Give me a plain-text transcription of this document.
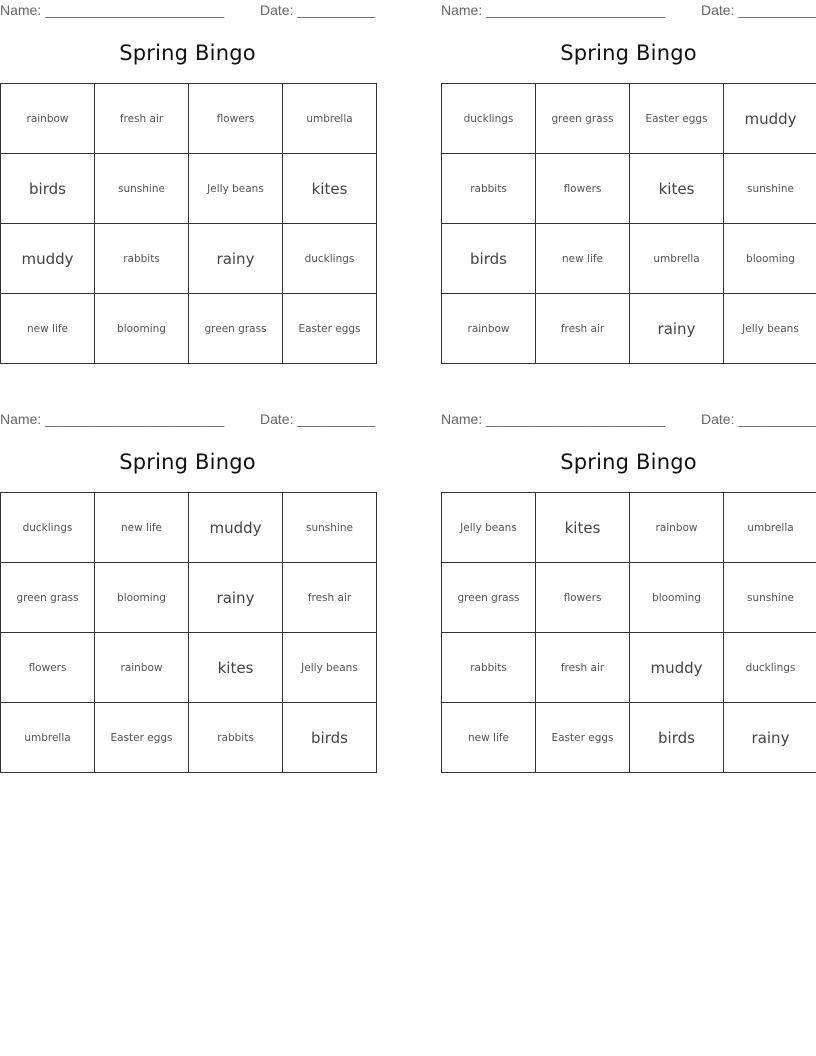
Name: _______________________	Date: __________
Spring Bingo
rainbow	fresh air	flowers	umbrella
birds	sunshine	Jelly beans	kites
muddy	rabbits	rainy	ducklings
new life	blooming	green grass	Easter eggs
Name: _______________________	Date: __________
Spring Bingo
ducklings	green grass	Easter eggs	muddy
rabbits	flowers	kites	sunshine
birds	new life	umbrella	blooming
rainbow	fresh air	rainy	Jelly beans
Name: _______________________	Date: __________
Spring Bingo
ducklings	new life	muddy	sunshine
green grass	blooming	rainy	fresh air
flowers	rainbow	kites	Jelly beans
umbrella	Easter eggs	rabbits	birds
Name: _______________________	Date: __________
Spring Bingo
Jelly beans	kites	rainbow	umbrella
green grass	flowers	blooming	sunshine
rabbits	fresh air	muddy	ducklings
new life	Easter eggs	birds	rainy
